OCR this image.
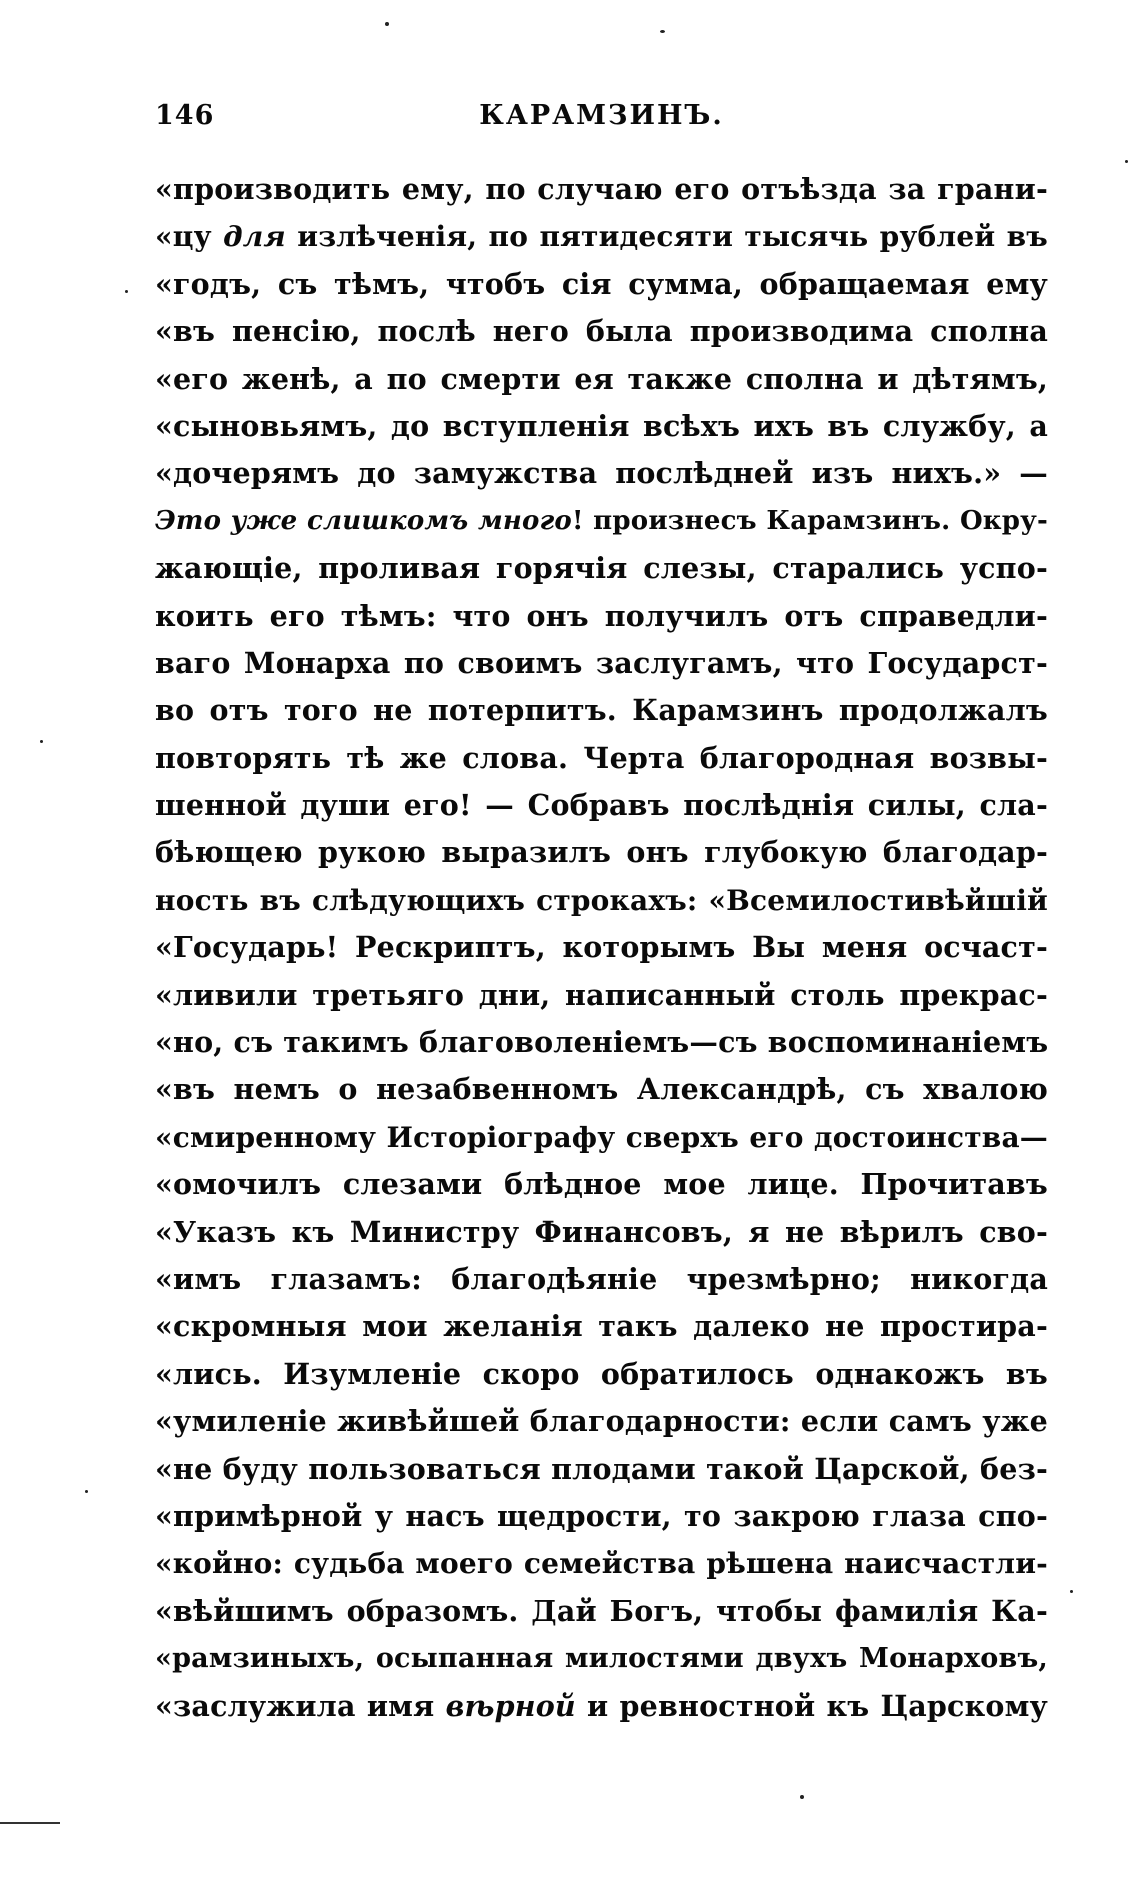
146	КАРАМЗИНЪ.
«производить ему, по случаю его отъѣзда за грани-
«цу для излѣченія, по пятидесяти тысячь рублей въ
«годъ, съ тѣмъ, чтобъ сія сумма, обращаемая ему
«въ пенсію, послѣ него была производима сполна
«его женѣ, а по смерти ея также сполна и дѣтямъ,
«сыновьямъ, до вступленія всѣхъ ихъ въ службу, а
«дочерямъ до замужства послѣдней изъ нихъ.» —
Это уже слишкомъ много! произнесъ Карамзинъ. Окру-
жающіе, проливая горячія слезы, старались успо-
коить его тѣмъ: что онъ получилъ отъ справедли-
ваго Монарха по своимъ заслугамъ, что Государст-
во отъ того не потерпитъ. Карамзинъ продолжалъ
повторять тѣ же слова. Черта благородная возвы-
шенной души его! — Собравъ послѣднія силы, сла-
бѣющею рукою выразилъ онъ глубокую благодар-
ность въ слѣдующихъ строкахъ: «Всемилостивѣйшій
«Государь! Рескриптъ, которымъ Вы меня осчаст-
«ливили третьяго дни, написанный столь прекрас-
«но, съ такимъ благоволеніемъ—съ воспоминаніемъ
«въ немъ о незабвенномъ Александрѣ, съ хвалою
«смиренному Исторіографу сверхъ его достоинства—
«омочилъ слезами блѣдное мое лице. Прочитавъ
«Указъ къ Министру Финансовъ, я не вѣрилъ сво-
«имъ глазамъ: благодѣяніе чрезмѣрно; никогда
«скромныя мои желанія такъ далеко не простира-
«лись. Изумленіе скоро обратилось однакожъ въ
«умиленіе живѣйшей благодарности: если самъ уже
«не буду пользоваться плодами такой Царской, без-
«примѣрной у насъ щедрости, то закрою глаза спо-
«койно: судьба моего семейства рѣшена наисчастли-
«вѣйшимъ образомъ. Дай Богъ, чтобы фамилія Ка-
«рамзиныхъ, осыпанная милостями двухъ Монарховъ,
«заслужила имя вѣрной и ревностной къ Царскому
